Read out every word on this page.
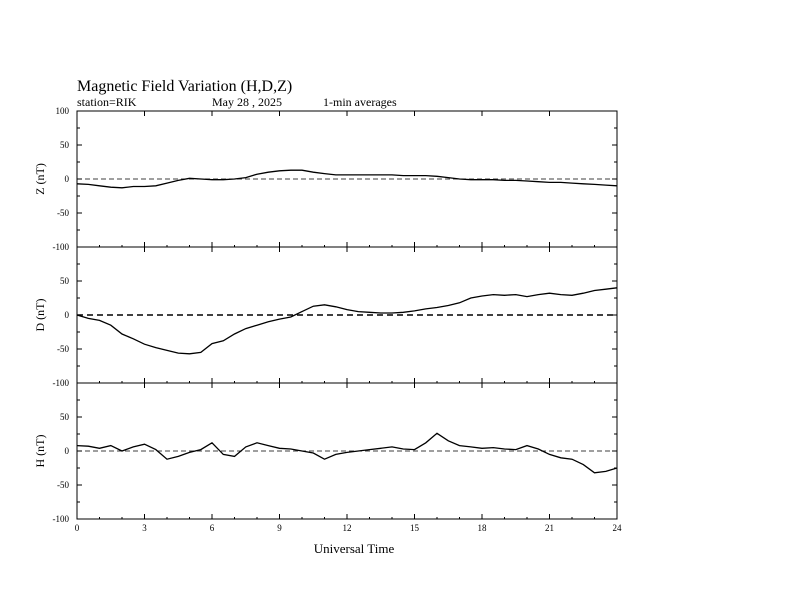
Magnetic Field Variation (H,D,Z)
station=RIK	May 28 , 2025	1-min averages
100
50
0
-50
-100
Z (nT)
50
0
-50
-100
D (nT)
50
0
-50
-100
H (nT)
0	3	6	9	12	15	18	21	24
Universal Time
